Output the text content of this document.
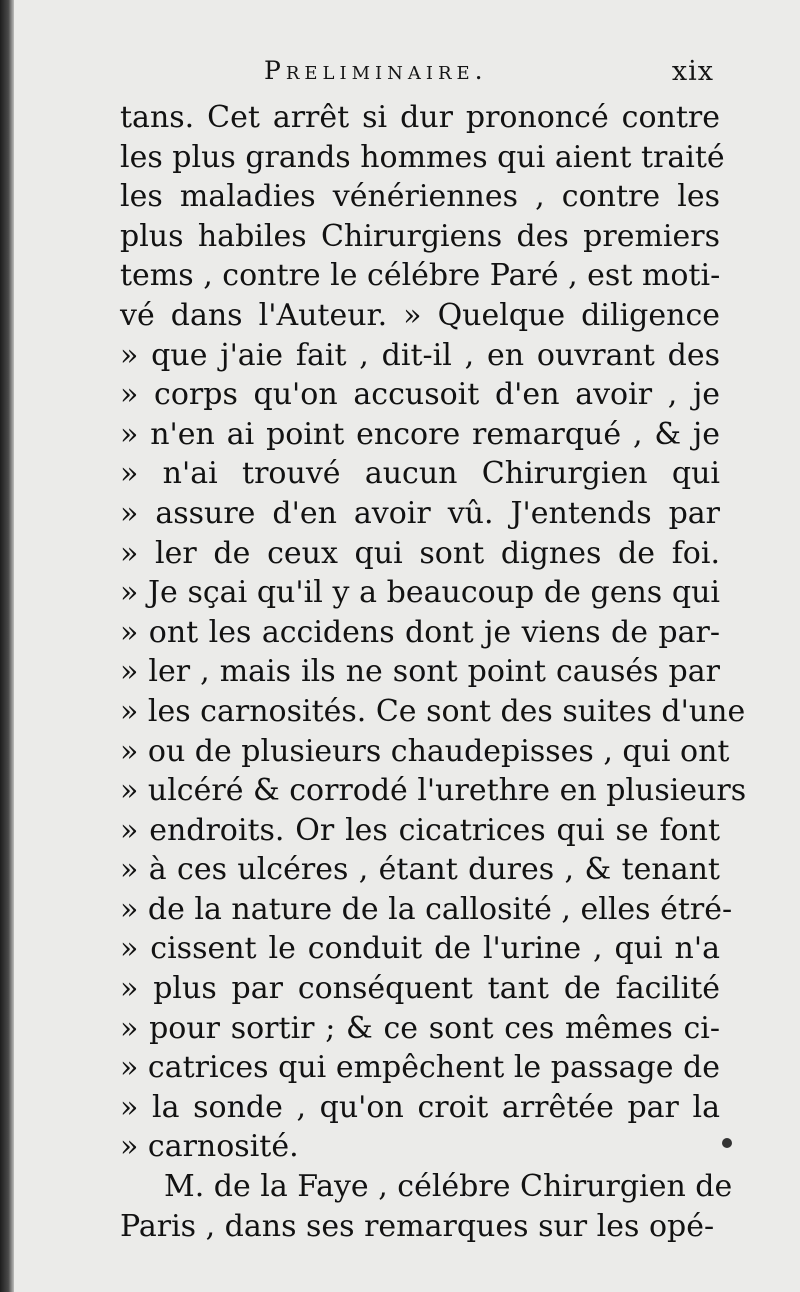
Preliminaire.	xix
tans. Cet arrêt si dur prononcé contre
les plus grands hommes qui aient traité
les maladies vénériennes , contre les
plus habiles Chirurgiens des premiers
tems , contre le célébre Paré , est moti-
vé dans l'Auteur. » Quelque diligence
» que j'aie fait , dit-il , en ouvrant des
» corps qu'on accusoit d'en avoir , je
» n'en ai point encore remarqué , & je
» n'ai trouvé aucun Chirurgien qui
» assure d'en avoir vû. J'entends par
» ler de ceux qui sont dignes de foi.
» Je sçai qu'il y a beaucoup de gens qui
» ont les accidens dont je viens de par-
» ler , mais ils ne sont point causés par
» les carnosités. Ce sont des suites d'une
» ou de plusieurs chaudepisses , qui ont
» ulcéré & corrodé l'urethre en plusieurs
» endroits. Or les cicatrices qui se font
» à ces ulcéres , étant dures , & tenant
» de la nature de la callosité , elles étré-
» cissent le conduit de l'urine , qui n'a
» plus par conséquent tant de facilité
» pour sortir ; & ce sont ces mêmes ci-
» catrices qui empêchent le passage de
» la sonde , qu'on croit arrêtée par la
» carnosité.
M. de la Faye , célébre Chirurgien de
Paris , dans ses remarques sur les opé-
